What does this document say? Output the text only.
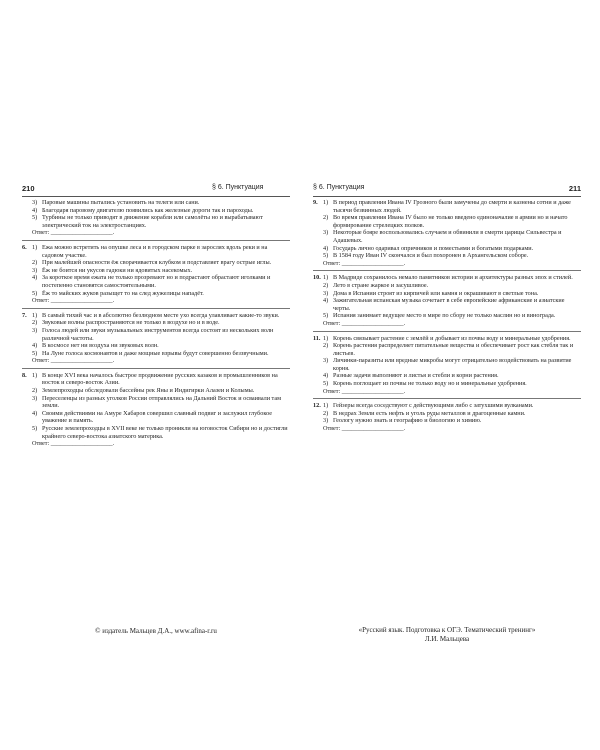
210	§ 6. Пунктуация
3) Паровые машины пытались установить на телеги или сани.
4) Благодаря паровому двигателю появились как железные дороги так и пароходы.
5) Турбины не только приводят в движение корабли или самолёты но и вырабатывают электрический ток на электростанциях.
Ответ: ____________________.
6. 1) Ежа можно встретить на опушке леса и в городском парке в зарослях вдоль реки и на садовом участке.
2) При малейшей опасности ёж сворачивается клубком и подставляет врагу острые иглы.
3) Ёж не боится ни укусов гадюки ни ядовитых насекомых.
4) За короткое время ежата не только прозревают но и подрастают обрастают иголками и постепенно становятся самостоятельными.
5) Ёж то майских жуков разыщет то на след жужелицы нападёт.
Ответ: ____________________.
7. 1) В самый тихий час и в абсолютно безлюдном месте ухо всегда улавливает какие-то звуки.
2) Звуковые волны распространяются не только в воздухе но и в воде.
3) Голоса людей или звуки музыкальных инструментов всегда состоят из нескольких волн различной частоты.
4) В космосе нет ни воздуха ни звуковых волн.
5) На Луне голоса космонавтов и даже мощные взрывы будут совершенно беззвучными.
Ответ: ____________________.
8. 1) В конце XVI века началось быстрое продвижение русских казаков и промышленников на восток и северо-восток Азии.
2) Землепроходцы обследовали бассейны рек Яны и Индигирки Алазеи и Колымы.
3) Переселенцы из разных уголков России отправлялись на Дальний Восток и осваивали там земли.
4) Своими действиями на Амуре Хабаров совершил славный подвиг и заслужил глубокое уважение и память.
5) Русские землепроходцы в XVII веке не только проникли на юговосток Сибири но и достигли крайнего северо-востока азиатского материка.
Ответ: ____________________.
© издатель Мальцев Д.А., www.afina-r.ru
§ 6. Пунктуация	211
9. 1) В период правления Ивана IV Грозного были замучены до смерти и казнены сотни и даже тысячи безвинных людей.
2) Во время правления Ивана IV было не только введено единоначалие в армии но и начато формирование стрелецких полков.
3) Некоторые бояре воспользовались случаем и обвинили в смерти царицы Сильвестра и Адашевых.
4) Государь лично одаривал опричников и поместьями и богатыми подарками.
5) В 1584 году Иван IV скончался и был похоронен в Архангельском соборе.
Ответ: ____________________.
10. 1) В Мадриде сохранилось немало памятников истории и архитектуры разных эпох и стилей.
2) Лето в стране жаркое и засушливое.
3) Дома в Испании строят из кирпичей или камня и окрашивают в светлые тона.
4) Зажигательная испанская музыка сочетает в себе европейские африканские и азиатские черты.
5) Испания занимает ведущее место в мире по сбору не только маслин но и винограда.
Ответ: ____________________.
11. 1) Корень связывает растение с землёй и добывает из почвы воду и минеральные удобрения.
2) Корень растения распределяет питательные вещества и обеспечивает рост как стебля так и листьев.
3) Личинки-паразиты или вредные микробы могут отрицательно воздействовать на развитие корня.
4) Разные задачи выполняют и листья и стебли и корни растения.
5) Корень поглощает из почвы не только воду но и минеральные удобрения.
Ответ: ____________________.
12. 1) Гейзеры всегда соседствуют с действующими либо с затухшими вулканами.
2) В недрах Земли есть нефть и уголь руды металлов и драгоценные камни.
3) Геологу нужно знать и географию и биологию и химию.
Ответ: ____________________.
«Русский язык. Подготовка к ОГЭ. Тематический тренинг»
Л.И. Мальцева
